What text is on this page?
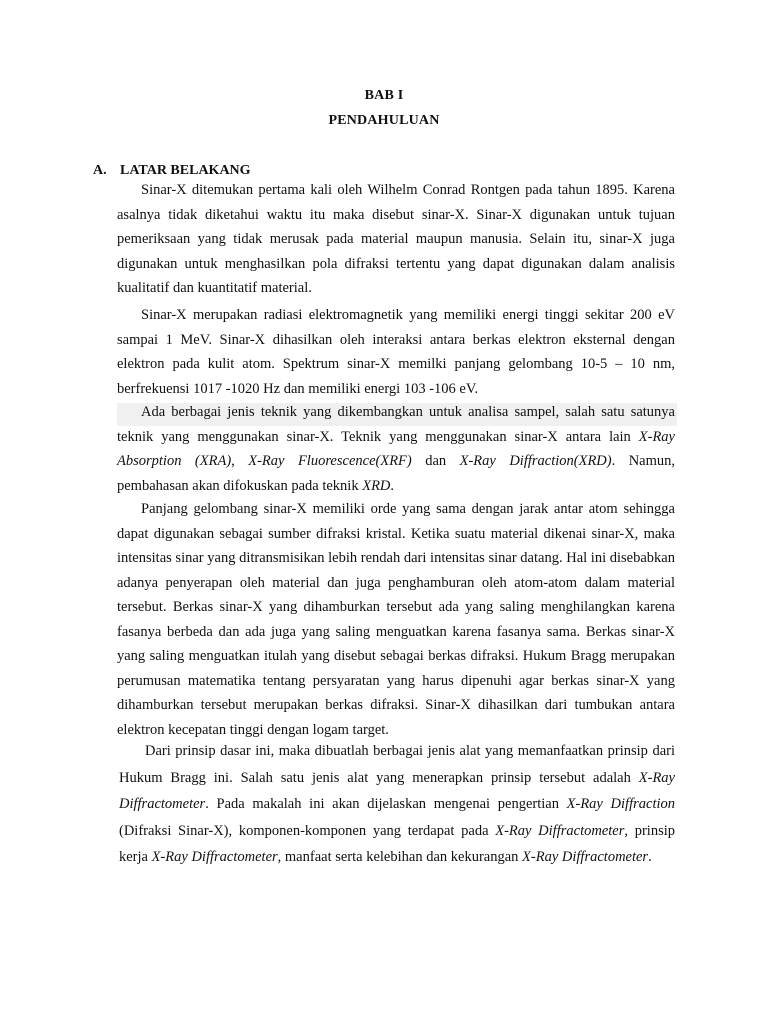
BAB I
PENDAHULUAN
A. LATAR BELAKANG

Sinar-X ditemukan pertama kali oleh Wilhelm Conrad Rontgen pada tahun 1895. Karena asalnya tidak diketahui waktu itu maka disebut sinar-X. Sinar-X digunakan untuk tujuan pemeriksaan yang tidak merusak pada material maupun manusia. Selain itu, sinar-X juga digunakan untuk menghasilkan pola difraksi tertentu yang dapat digunakan dalam analisis kualitatif dan kuantitatif material.

Sinar-X merupakan radiasi elektromagnetik yang memiliki energi tinggi sekitar 200 eV sampai 1 MeV. Sinar-X dihasilkan oleh interaksi antara berkas elektron eksternal dengan elektron pada kulit atom. Spektrum sinar-X memilki panjang gelombang 10-5 – 10 nm, berfrekuensi 1017 -1020 Hz dan memiliki energi 103 -106 eV.

Ada berbagai jenis teknik yang dikembangkan untuk analisa sampel, salah satu satunya teknik yang menggunakan sinar-X. Teknik yang menggunakan sinar-X antara lain X-Ray Absorption (XRA), X-Ray Fluorescence(XRF) dan X-Ray Diffraction(XRD). Namun, pembahasan akan difokuskan pada teknik XRD.

Panjang gelombang sinar-X memiliki orde yang sama dengan jarak antar atom sehingga dapat digunakan sebagai sumber difraksi kristal. Ketika suatu material dikenai sinar-X, maka intensitas sinar yang ditransmisikan lebih rendah dari intensitas sinar datang. Hal ini disebabkan adanya penyerapan oleh material dan juga penghamburan oleh atom-atom dalam material tersebut. Berkas sinar-X yang dihamburkan tersebut ada yang saling menghilangkan karena fasanya berbeda dan ada juga yang saling menguatkan karena fasanya sama. Berkas sinar-X yang saling menguatkan itulah yang disebut sebagai berkas difraksi. Hukum Bragg merupakan perumusan matematika tentang persyaratan yang harus dipenuhi agar berkas sinar-X yang dihamburkan tersebut merupakan berkas difraksi. Sinar-X dihasilkan dari tumbukan antara elektron kecepatan tinggi dengan logam target.

Dari prinsip dasar ini, maka dibuatlah berbagai jenis alat yang memanfaatkan prinsip dari Hukum Bragg ini. Salah satu jenis alat yang menerapkan prinsip tersebut adalah X-Ray Diffractometer. Pada makalah ini akan dijelaskan mengenai pengertian X-Ray Diffraction (Difraksi Sinar-X), komponen-komponen yang terdapat pada X-Ray Diffractometer, prinsip kerja X-Ray Diffractometer, manfaat serta kelebihan dan kekurangan X-Ray Diffractometer.
